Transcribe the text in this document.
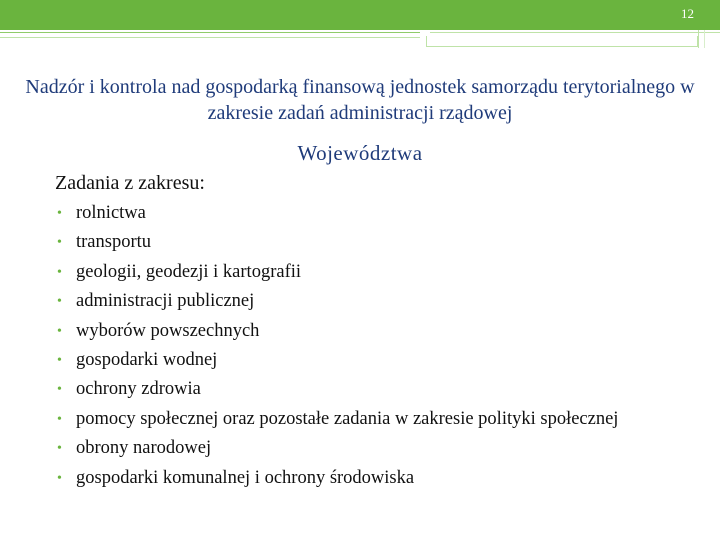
12
Nadzór i kontrola nad gospodarką finansową jednostek samorządu terytorialnego w zakresie zadań administracji rządowej
Województwa
Zadania z zakresu:
• rolnictwa
• transportu
• geologii, geodezji i kartografii
• administracji publicznej
• wyborów powszechnych
• gospodarki wodnej
• ochrony zdrowia
• pomocy społecznej oraz pozostałe zadania w zakresie polityki społecznej
• obrony narodowej
• gospodarki komunalnej i ochrony środowiska
